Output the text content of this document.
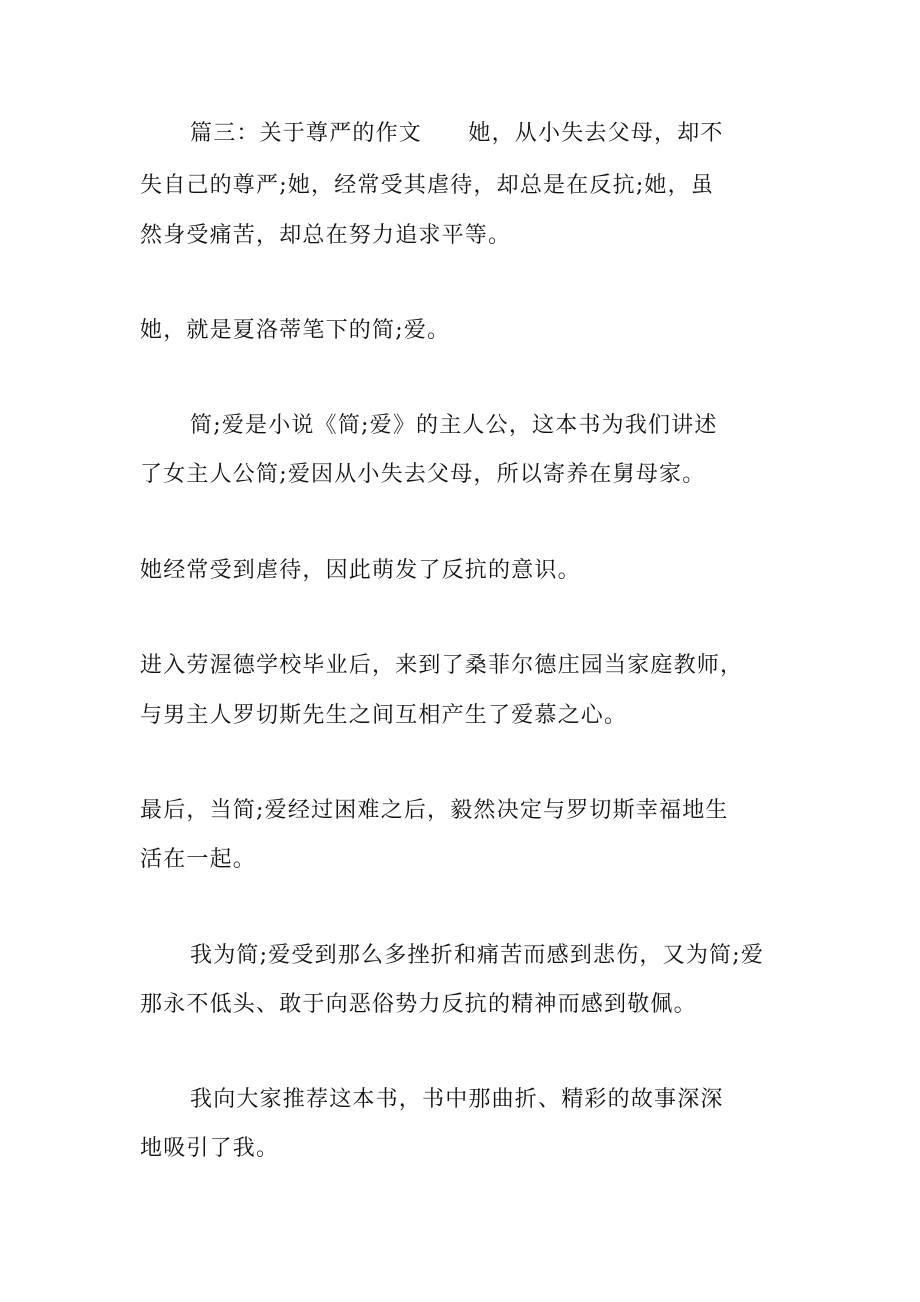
篇三：关于尊严的作文　　她，从小失去父母，却不

失自己的尊严;她，经常受其虐待，却总是在反抗;她，虽

然身受痛苦，却总在努力追求平等。

她，就是夏洛蒂笔下的简;爱。

简;爱是小说《简;爱》的主人公，这本书为我们讲述

了女主人公简;爱因从小失去父母，所以寄养在舅母家。

她经常受到虐待，因此萌发了反抗的意识。

进入劳渥德学校毕业后，来到了桑菲尔德庄园当家庭教师，

与男主人罗切斯先生之间互相产生了爱慕之心。

最后，当简;爱经过困难之后，毅然决定与罗切斯幸福地生

活在一起。

我为简;爱受到那么多挫折和痛苦而感到悲伤，又为简;爱

那永不低头、敢于向恶俗势力反抗的精神而感到敬佩。

我向大家推荐这本书，书中那曲折、精彩的故事深深

地吸引了我。
